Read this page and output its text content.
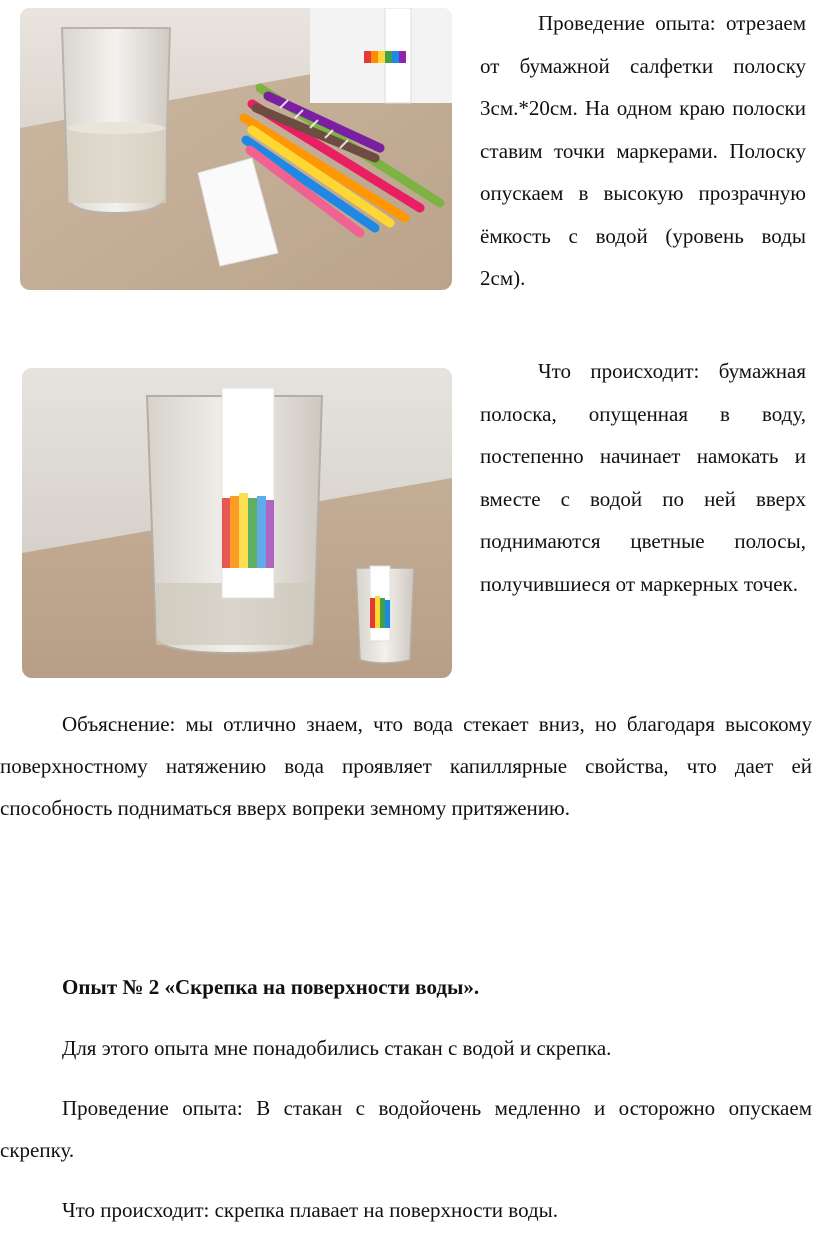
Проведение опыта: отрезаем от бумажной салфетки полоску 3см.*20см. На одном краю полоски ставим точки маркерами. Полоску опускаем в высокую прозрачную ёмкость с водой (уровень воды 2см).

Что происходит: бумажная полоска, опущенная в воду, постепенно начинает намокать и вместе с водой по ней вверх поднимаются цветные полосы, получившиеся от маркерных точек.

Объяснение: мы отлично знаем, что вода стекает вниз, но благодаря высокому поверхностному натяжению вода проявляет капиллярные свойства, что дает ей способность подниматься вверх вопреки земному притяжению.

Опыт № 2 «Скрепка на поверхности воды».

Для этого опыта мне понадобились стакан с водой и скрепка.

Проведение опыта: В стакан с водойочень медленно и осторожно опускаем скрепку.

Что происходит: скрепка плавает на поверхности воды.
